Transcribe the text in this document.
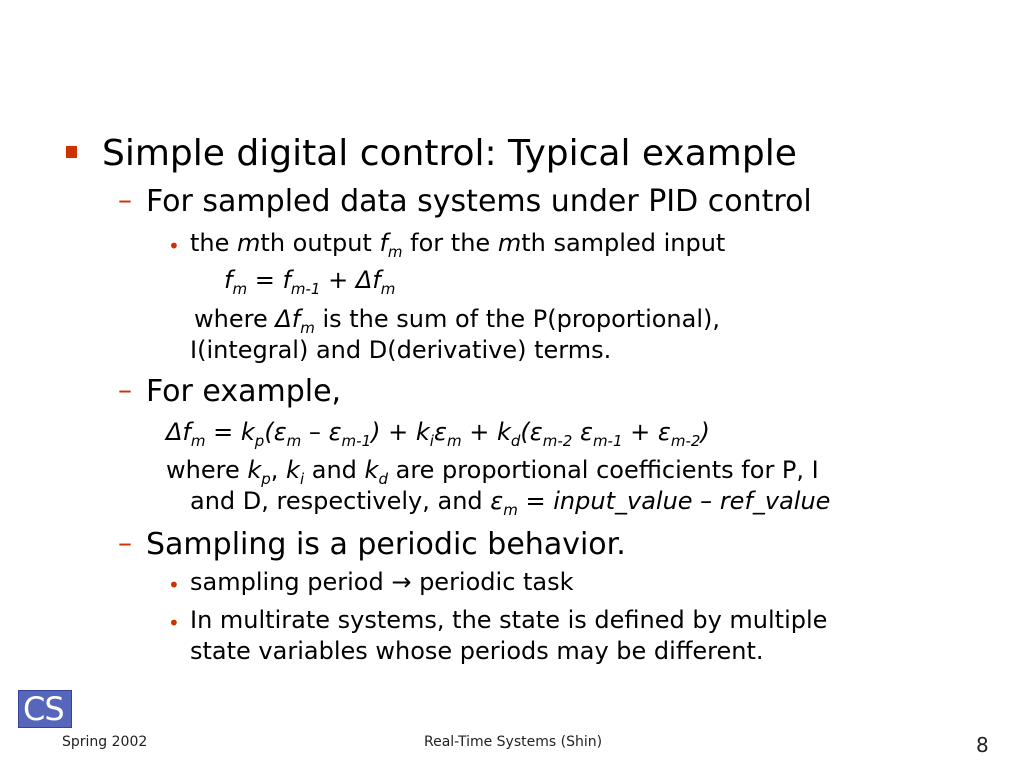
Simple digital control: Typical example
– For sampled data systems under PID control
• the mth output $f_m$ for the mth sampled input
$f_m = f_{m-1} + \Delta f_m$
where $\Delta f_m$ is the sum of the P(proportional),
I(integral) and D(derivative) terms.
– For example,
$\Delta f_m = k_p(\varepsilon_m - \varepsilon_{m-1}) + k_i\varepsilon_m + k_d(\varepsilon_{m-2}$ $\varepsilon_{m-1} + \varepsilon_{m-2}$)
where $k_p$, $k_i$ and $k_d$ are proportional coefficients for P, I
and D, respectively, and $\varepsilon_m$ = input_value – ref_value
– Sampling is a periodic behavior.
• sampling period → periodic task
• In multirate systems, the state is defined by multiple
state variables whose periods may be different.
CS
Spring 2002	Real-Time Systems (Shin)	8
